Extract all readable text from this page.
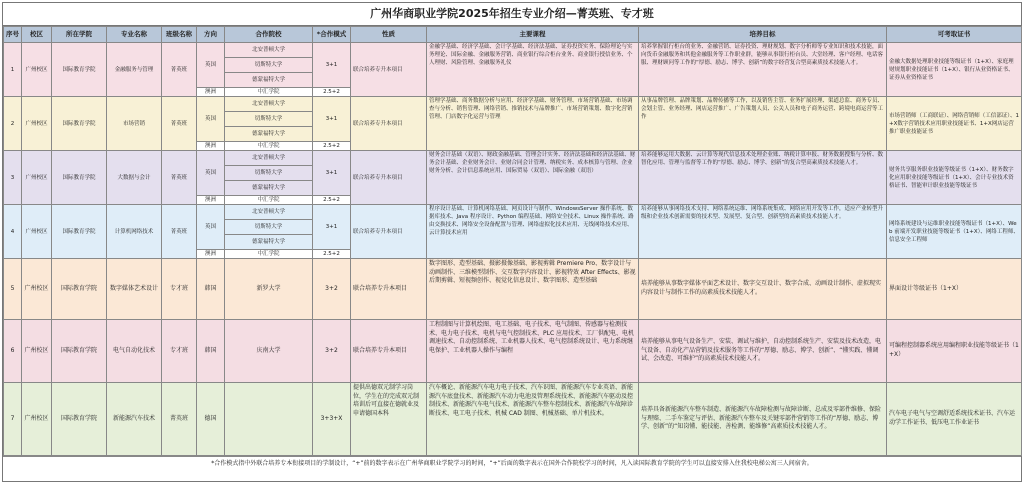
广州华商职业学院2025年招生专业介绍—菁英班、专才班
序号	校区	所在学院	专业名称	班级名称	方向	合作院校	*合作模式	性质	主要课程	培养目标	可考取证书
1	广州校区	国际教育学院	金融服务与管理	菁英班	英国	北安普顿大学	3+1	联合培养专升本项目	金融学基础、经济学基础、会计学基础、经济法基础、证券投资实务、保险理论与实务理论、国际金融、金融服务营销、商业银行综合柜台业务、商业银行授信业务、个人理财、风险管理、金融服务礼仪	培养掌握银行柜台的业务、金融营销、证券投资、理财规划、数字分析师等专业知识和技术技能，面向货币金融服务和其他金融服务等工作职业群，能够从事银行柜台员、大堂经理、客户经理、电话客服、理财顾问等工作的“厚德、励志、博学、创新”的数字经营复合型高素质技术技能人才。	金融大数据处理职业技能等级证书（1+X）、家庭理财规划职业技能证书（1+X）、银行从业资格证书、证券从业资格证书
						切斯特大学					
						德蒙福特大学					
					澳洲	中汇学院	2.5+2				
2	广州校区	国际教育学院	市场营销	菁英班	英国	北安普顿大学	3+1	联合培养专升本项目	管理学基础、商务数据分析与应用、经济学基础、财务管理、市场营销基础、市场调查与分析、销售管理、网络营销、推销技术与品牌推广、市场营销策划、数字化营销管理、门店数字化运营与管理	从事品牌管理、品牌策划、品牌传播等工作，以及销售主管、业务扩展经理、渠道总监、商务专员、会划主管、业务经理、网店运营推广、广告策划人员、公关人员和电子商务运营、跨境电商运营等工作	市场营销师（工商联证）、网络营销师（工信部证）、1+X数字营销技术应用职业技能证书、1+X网店运营推广职业技能证书
						切斯特大学					
						德蒙福特大学					
					澳洲	中汇学院	2.5+2				
3	广州校区	国际教育学院	大数据与会计	菁英班	英国	北安普顿大学	3+1	联合培养专升本项目	财务会计基础（双语）、财政金融基础、管理会计实务、经济法基础和经济法基础、财务会计基础、企业财务会计、业财合同会计管理、纳税实务、成本核算与管理、企业财务分析、会计信息系统应用、国际贸易（双语）、国际金融（双语）	培养能够运用大数据、云计算等现代信息技术处理企业账、纳税计算申报、财务数据搜集与分析、数智化应用、管理与监督等工作的“厚德、励志、博学、创新”的复合型高素质技术技能人才。	财务共享服务职业技能等级证书（1+X）、财务数字化应用职业技能等级证书（1+X）、会计专业技术资格证书、智能审计职业技能等级证书
						切斯特大学					
						德蒙福特大学					
					澳洲	中汇学院	2.5+2				
4	广州校区	国际教育学院	计算机网络技术	菁英班	英国	北安普顿大学	3+1	联合培养专升本项目	程序设计基础、计算机网络基础、网页设计与制作、WindowsServer 操作系统、数据库技术、Java 程序设计、Python 编程基础、网络安全技术、Linux 操作系统、路由交换技术、网络安全设备配置与管理、网络虚拟化技术应用、无线网络技术应用、云计算技术应用	培养能够从事网络技术支持、网络系统运维、网络系统集成、网络应用开发等工作，适应产业转型升级和企业技术创新需要的技术型、发展型、复合型、创新型的高素质技术技能人才。	网络系统建设与运维职业技能等级证书（1+X）、Web 前端开发职业技能等级证书（1+X）、网络工程师、信息安全工程师
						切斯特大学					
						德蒙福特大学					
					澳洲	中汇学院	2.5+2				
5	广州校区	国际教育学院	数字媒体艺术设计	专才班	韩国	新罗大学	3+2	联合培养专升本项目	数字图形、造型基础、摄影摄像基础、影视剪辑 Premiere Pro、数字设计与动画制作、三维模型制作、交互数字内容设计、影视特效 After Effects、影视后期剪辑、短视频创作、视觉化信息设计、数字图形、造型基础	培养能够从事数字媒体平面艺术设计、数字交互设计、数字合成、动画设计制作、虚拟现实内容设计与制作工作的高素质技术技能人才。	界面设计等级证书（1+X）
6	广州校区	国际教育学院	电气自动化技术	专才班	韩国	庆南大学	3+2	联合培养专升本项目	工程制图与计算机绘图、电工基础、电子技术、电气制图、传感器与检测技术、电力电子技术、电机与电气控制技术、PLC 应用技术、工厂供配电、电机调速技术、自动控制系统、工业机器人技术、电气控制系统设计、电力系统继电保护、工业机器人操作与编程	培养能够从事电气设备生产、安装、调试与维护，自动控制系统生产、安装及技术改造，电气设备、自动化产品营销及技术服务等工作的“厚德、励志、博学、创新”、“懂实践、懂调试、会改造、可维护”的高素质技术技能人才。	可编程控制器系统应用编程职业技能等级证书（1+X）
7	广州校区	国际教育学院	新能源汽车技术	菁英班	德国		3+3+X	提供出德双元制学习岗位，学生在的完成双元制培训后可直接在德就业及申请德国本科	汽车概论、新能源汽车电力电子技术、汽车识图、新能源汽车专业英语、新能源汽车底盘技术、新能源汽车动力电池及管理系统技术、新能源汽车驱动及控制技术、新能源汽车电气技术、新能源汽车整车控制技术、新能源汽车故障诊断技术、电工电子技术、机械 CAD 制图、机械基础、单片机技术。	培养具备新能源汽车整车制造、新能源汽车故障检测与故障诊断、总成及零部件维修、保险与理赔、二手车鉴定与评估、新能源汽车整车及关键零部件营销等工作的“厚德、励志、博学、创新”的“知岗懂、能技能、善检测、能维修”高素质技术技能人才。	汽车电子电气与空调舒适系统技术证书、汽车运动学工作证书、低压电工作业证书
*合作模式指中外联合培养专本衔接项目的学制设计，“+”前的数字表示在广州华商职业学院学习的时间，“+”后面的数字表示在国外合作院校学习的时间，凡入读国际教育学院的学生可以直接安排入住我校电梯公寓三人间宿舍。
